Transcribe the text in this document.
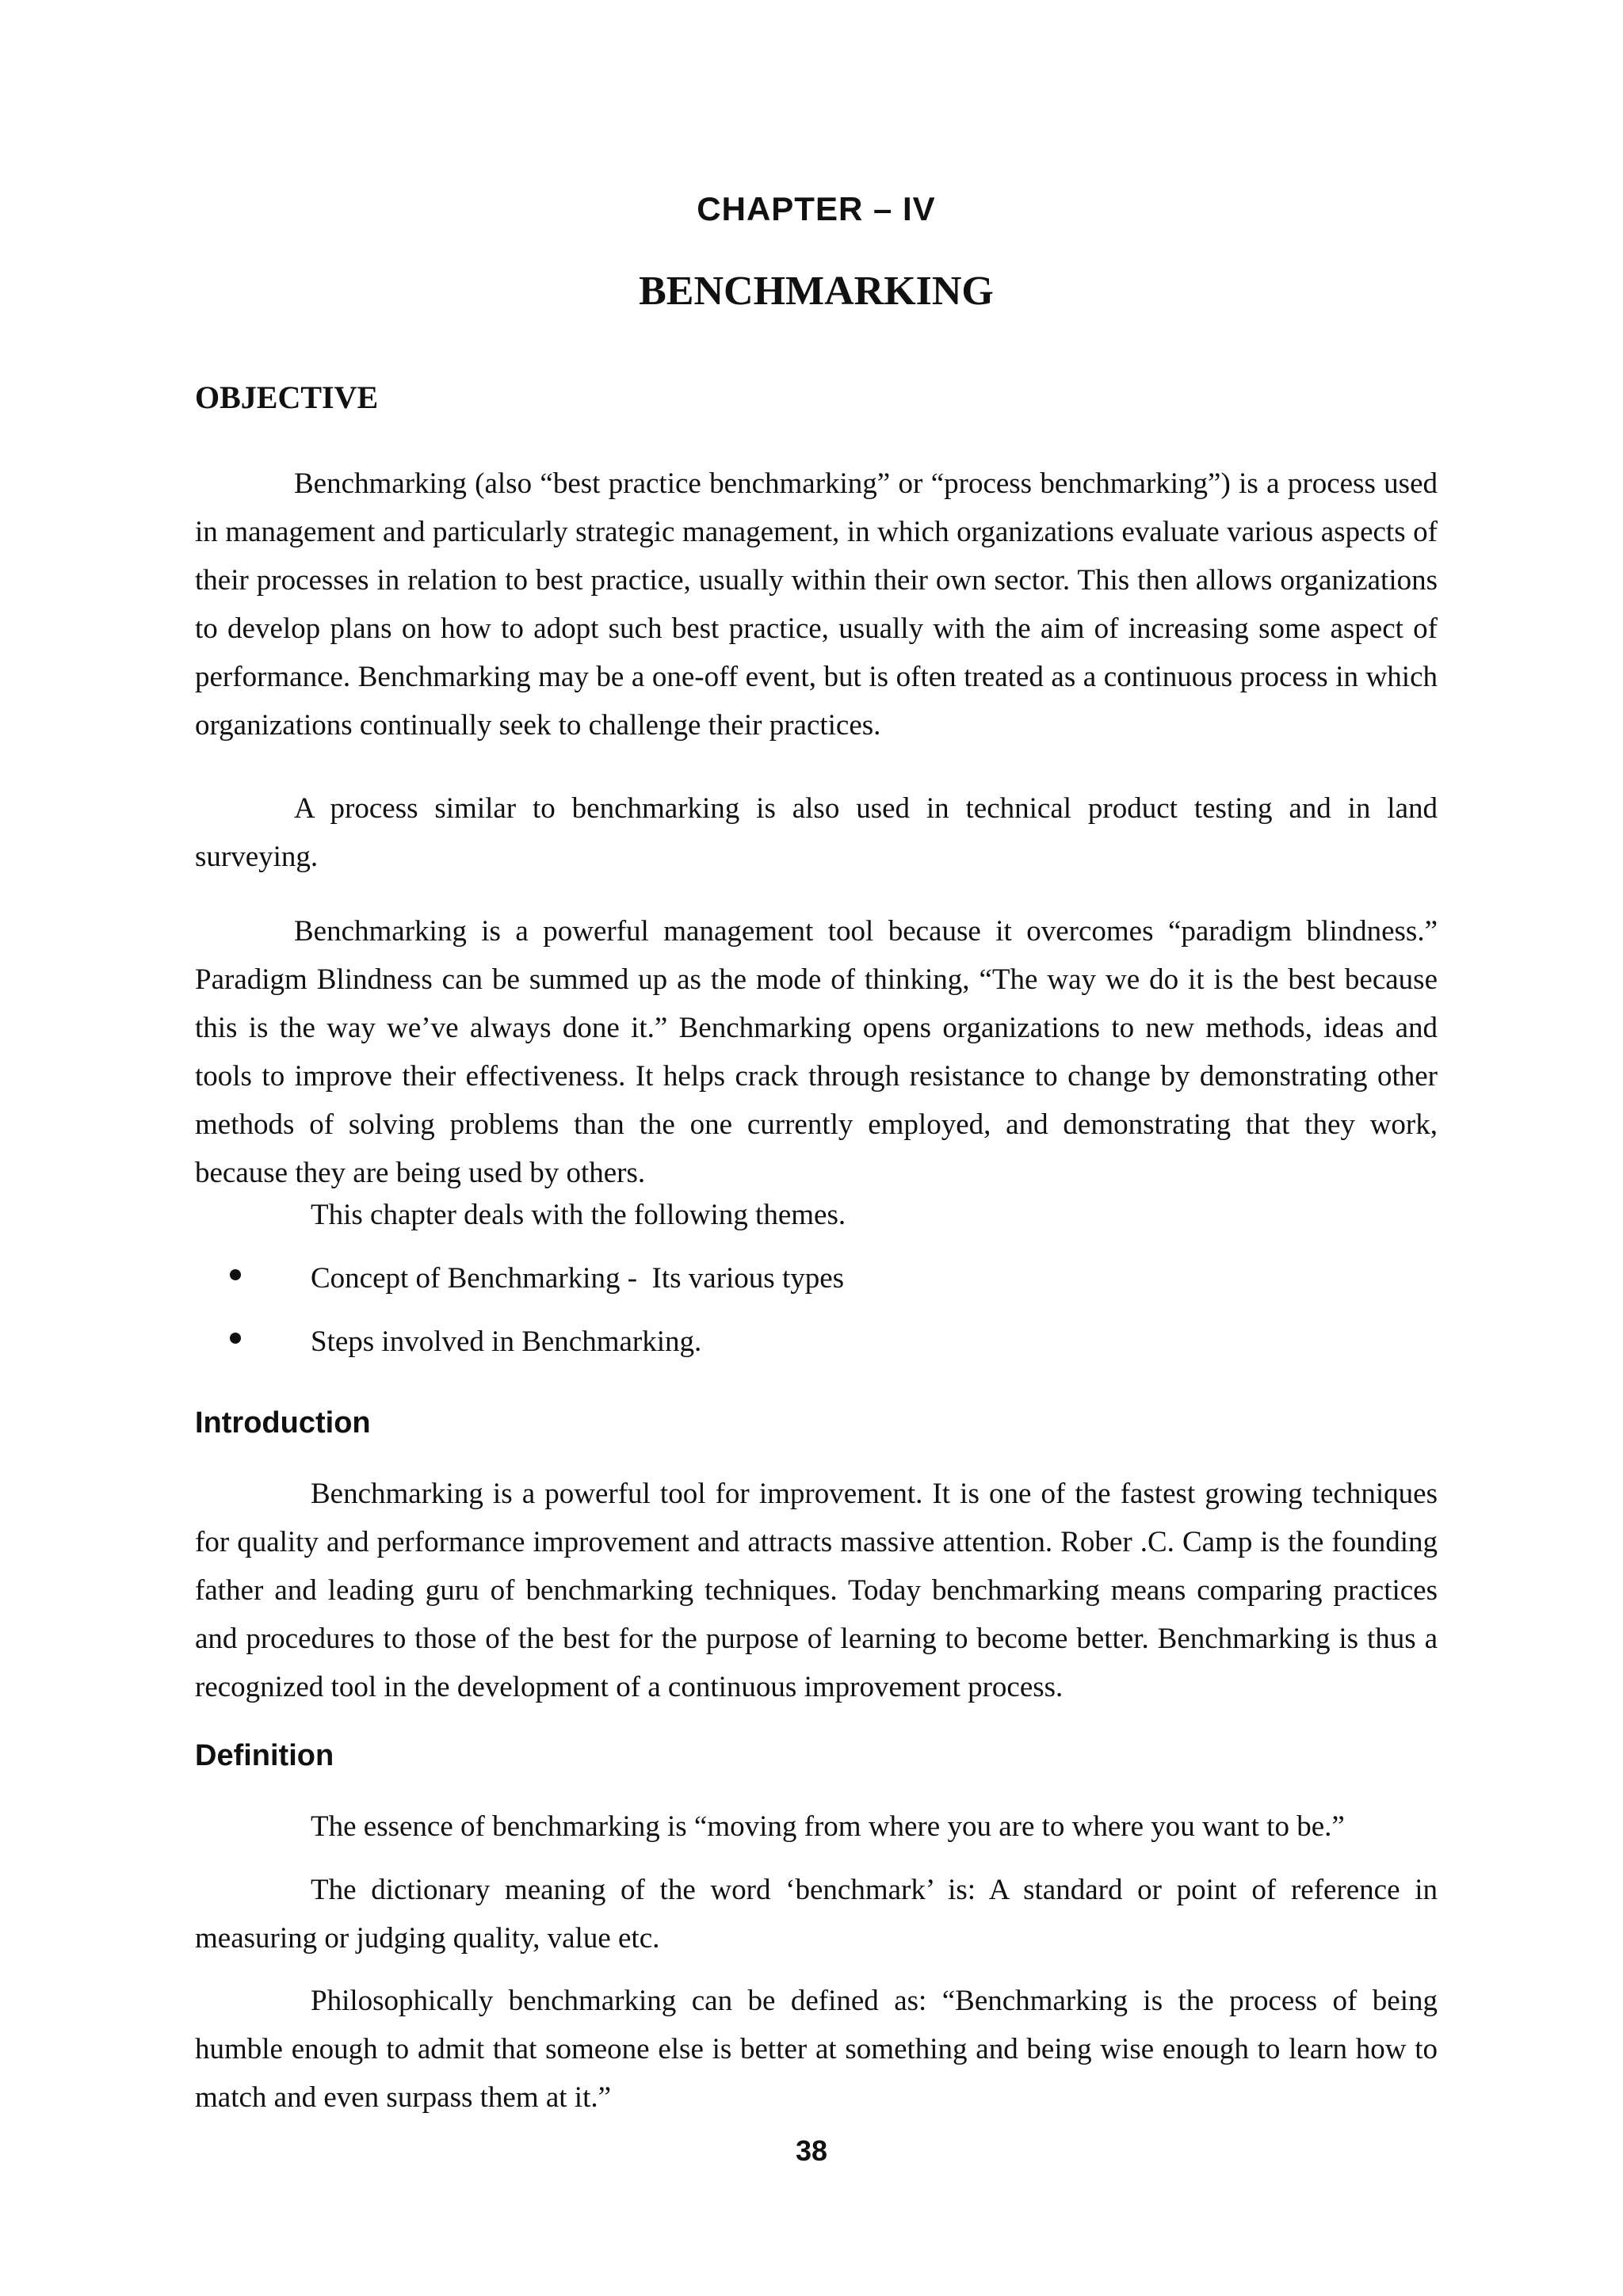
CHAPTER – IV
BENCHMARKING
OBJECTIVE

Benchmarking (also “best practice benchmarking” or “process benchmarking”) is a process used in management and particularly strategic management, in which organizations evaluate various aspects of their processes in relation to best practice, usually within their own sector. This then allows organizations to develop plans on how to adopt such best practice, usually with the aim of increasing some aspect of performance. Benchmarking may be a one-off event, but is often treated as a continuous process in which organizations continually seek to challenge their practices.

A process similar to benchmarking is also used in technical product testing and in land surveying.

Benchmarking is a powerful management tool because it overcomes “paradigm blindness.” Paradigm Blindness can be summed up as the mode of thinking, “The way we do it is the best because this is the way we’ve always done it.” Benchmarking opens organizations to new methods, ideas and tools to improve their effectiveness. It helps crack through resistance to change by demonstrating other methods of solving problems than the one currently employed, and demonstrating that they work, because they are being used by others.

This chapter deals with the following themes.

Concept of Benchmarking -  Its various types
Steps involved in Benchmarking.
Introduction

Benchmarking is a powerful tool for improvement. It is one of the fastest growing techniques for quality and performance improvement and attracts massive attention. Rober .C. Camp is the founding father and leading guru of benchmarking techniques. Today benchmarking means comparing practices and procedures to those of the best for the purpose of learning to become better. Benchmarking is thus a recognized tool in the development of a continuous improvement process.

Definition

The essence of benchmarking is “moving from where you are to where you want to be.”

The dictionary meaning of the word ‘benchmark’ is: A standard or point of reference in measuring or judging quality, value etc.

Philosophically benchmarking can be defined as: “Benchmarking is the process of being humble enough to admit that someone else is better at something and being wise enough to learn how to match and even surpass them at it.”

38
